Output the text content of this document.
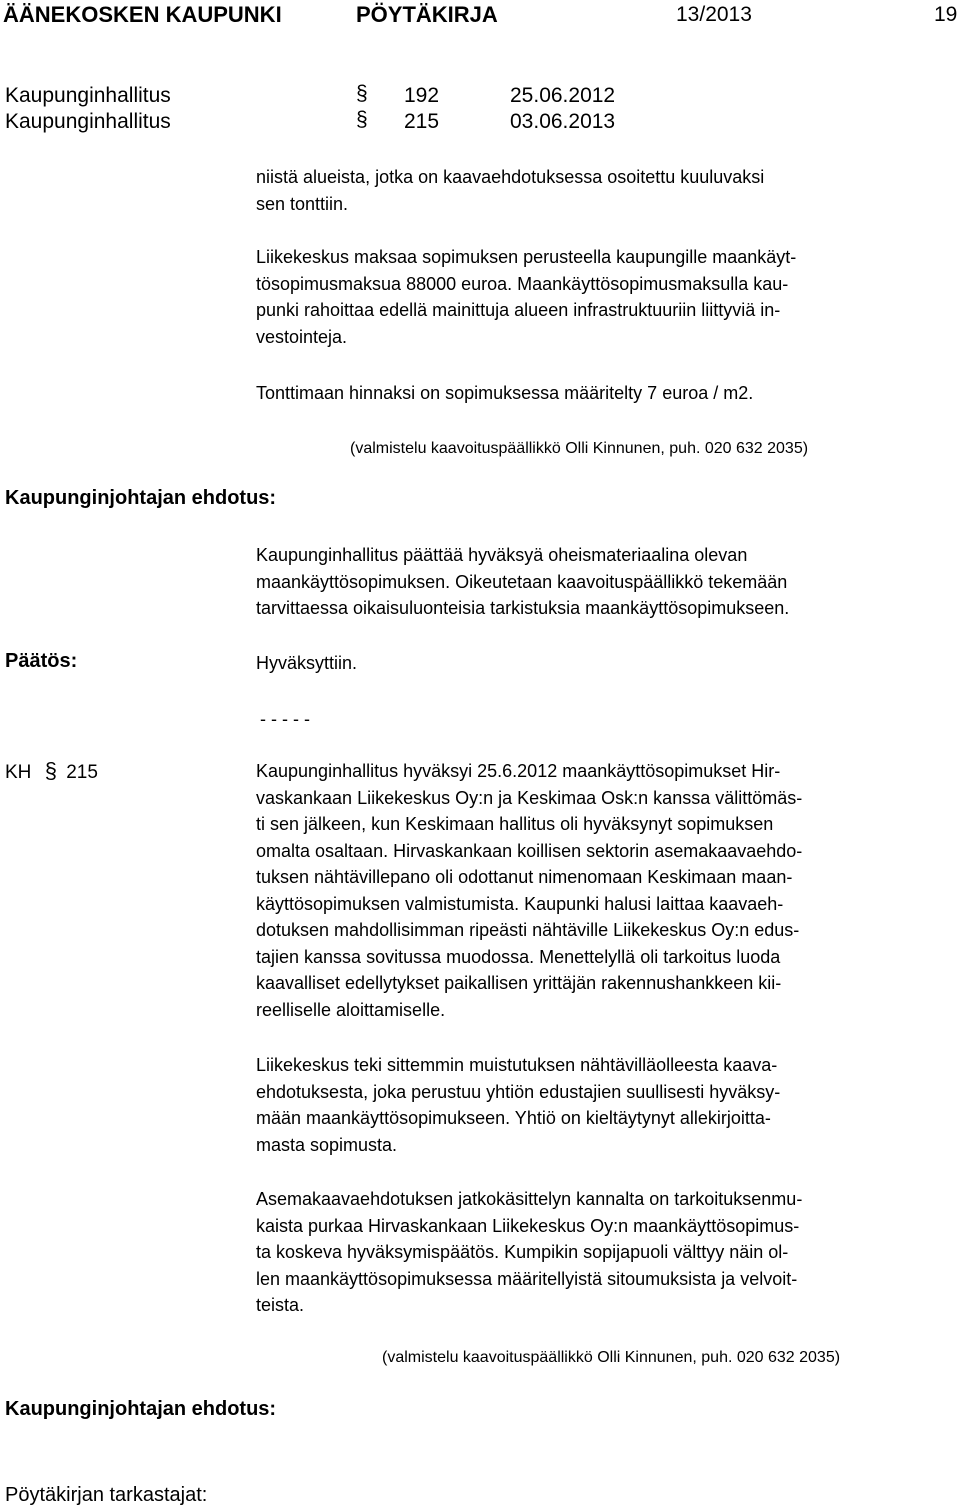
ÄÄNEKOSKEN KAUPUNKI	PÖYTÄKIRJA	13/2013	19
Kaupunginhallitus	§ 192	25.06.2012
Kaupunginhallitus	§ 215	03.06.2013

niistä alueista, jotka on kaavaehdotuksessa osoitettu kuuluvaksi

sen tonttiin.

Liikekeskus maksaa sopimuksen perusteella kaupungille maankäyt-

tösopimusmaksua 88000 euroa. Maankäyttösopimusmaksulla kau-

punki rahoittaa edellä mainittuja alueen infrastruktuuriin liittyviä in-

vestointeja.

Tonttimaan hinnaksi on sopimuksessa määritelty 7 euroa / m2.

(valmistelu kaavoituspäällikkö Olli Kinnunen, puh. 020 632 2035)
Kaupunginjohtajan ehdotus:

Kaupunginhallitus päättää hyväksyä oheismateriaalina olevan

maankäyttösopimuksen. Oikeutetaan kaavoituspäällikkö tekemään

tarvittaessa oikaisuluonteisia tarkistuksia maankäyttösopimukseen.

Päätös:	Hyväksyttiin.

- - - - -

KH § 215	Kaupunginhallitus hyväksyi 25.6.2012 maankäyttösopimukset Hir-

vaskankaan Liikekeskus Oy:n ja Keskimaa Osk:n kanssa välittömäs-

ti sen jälkeen, kun Keskimaan hallitus oli hyväksynyt sopimuksen

omalta osaltaan. Hirvaskankaan koillisen sektorin asemakaavaehdo-

tuksen nähtävillepano oli odottanut nimenomaan Keskimaan maan-

käyttösopimuksen valmistumista. Kaupunki halusi laittaa kaavaeh-

dotuksen mahdollisimman ripeästi nähtäville Liikekeskus Oy:n edus-

tajien kanssa sovitussa muodossa. Menettelyllä oli tarkoitus luoda

kaavalliset edellytykset paikallisen yrittäjän rakennushankkeen kii-

reelliselle aloittamiselle.

Liikekeskus teki sittemmin muistutuksen nähtävilläolleesta kaava-

ehdotuksesta, joka perustuu yhtiön edustajien suullisesti hyväksy-

mään maankäyttösopimukseen. Yhtiö on kieltäytynyt allekirjoitta-

masta sopimusta.

Asemakaavaehdotuksen jatkokäsittelyn kannalta on tarkoituksenmu-

kaista purkaa Hirvaskankaan Liikekeskus Oy:n maankäyttösopimus-

ta koskeva hyväksymispäätös. Kumpikin sopijapuoli välttyy näin ol-

len maankäyttösopimuksessa määritellyistä sitoumuksista ja velvoit-

teista.

(valmistelu kaavoituspäällikkö Olli Kinnunen, puh. 020 632 2035)
Kaupunginjohtajan ehdotus:
Pöytäkirjan tarkastajat:
